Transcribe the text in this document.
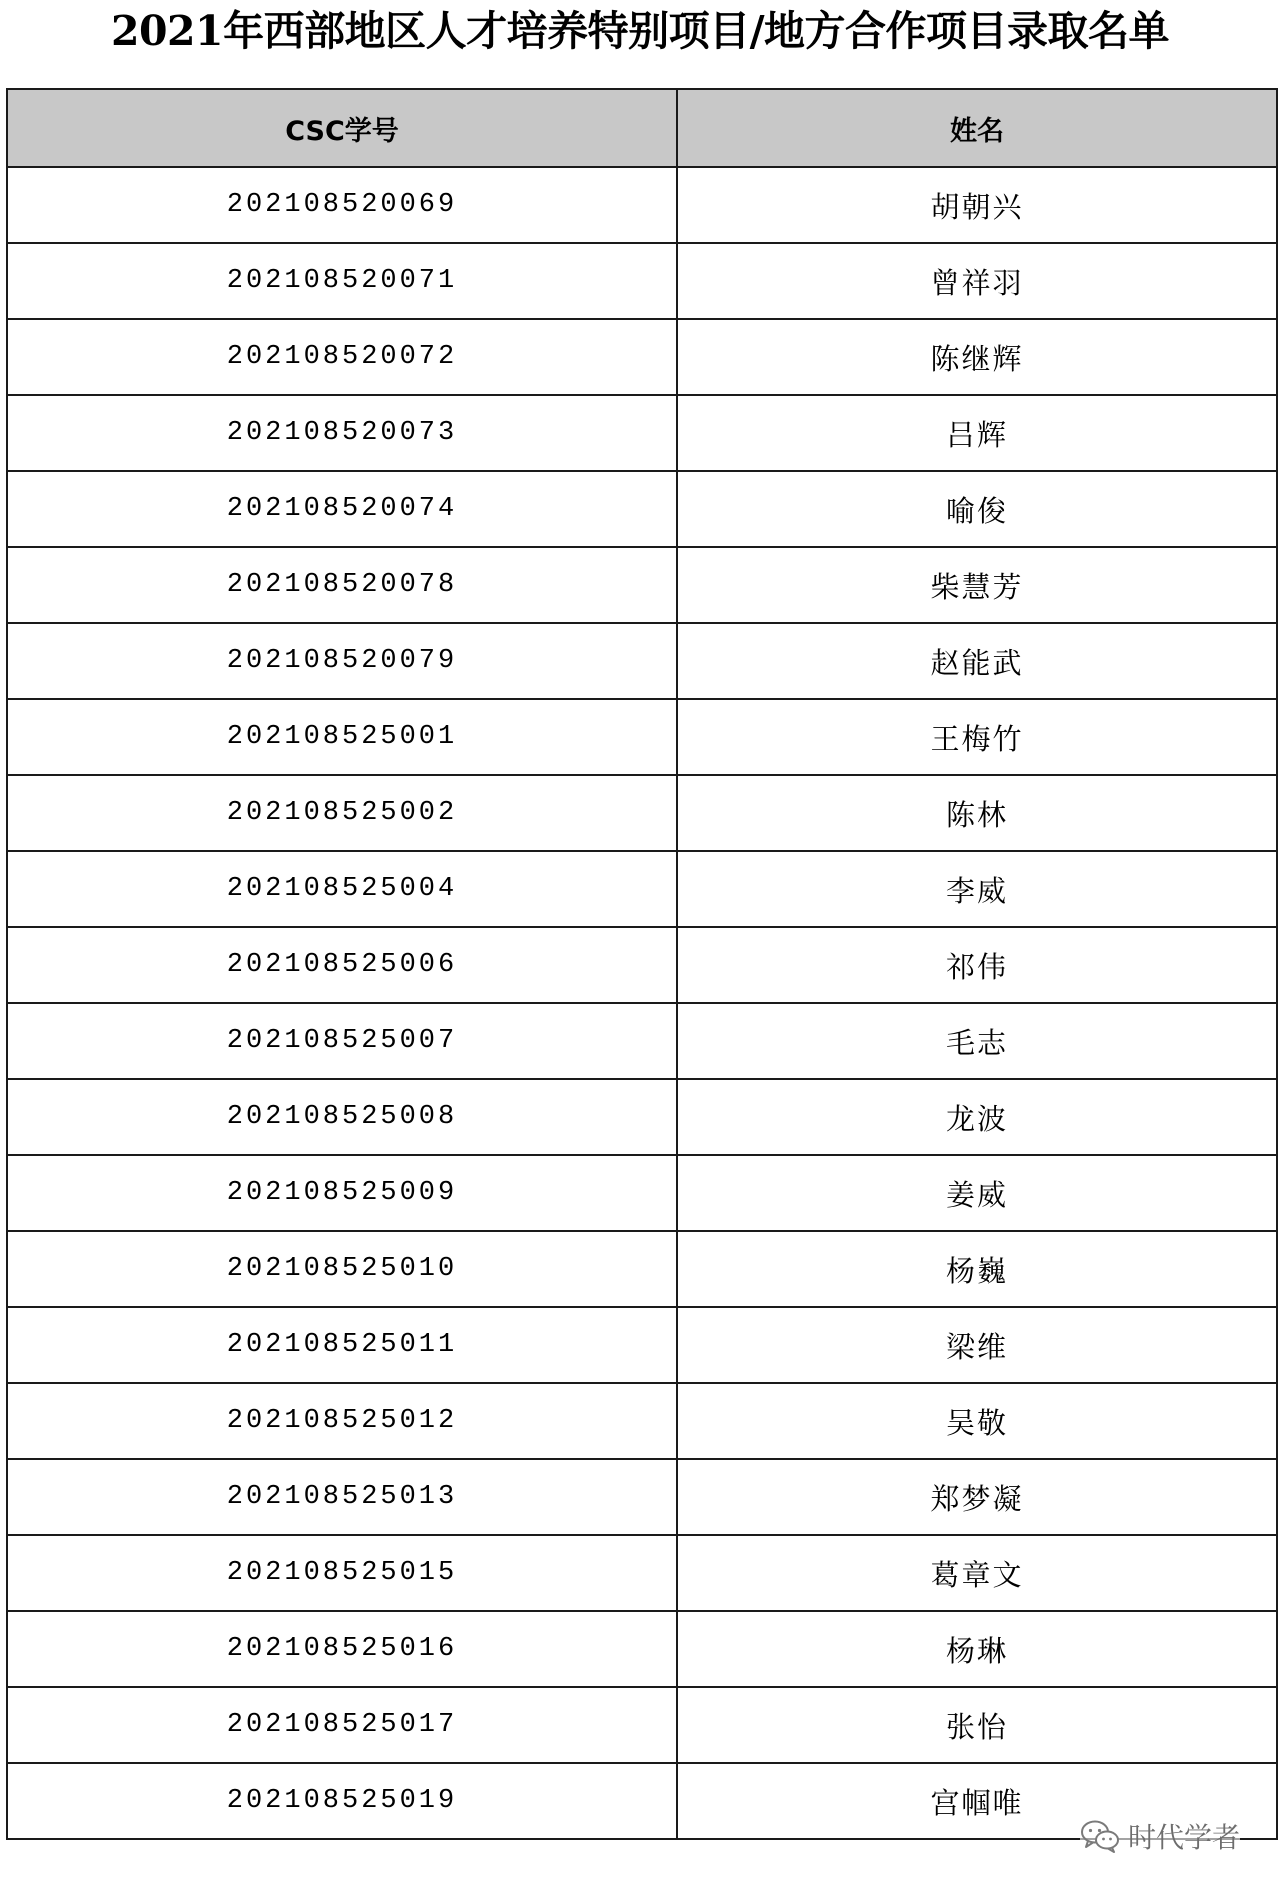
2021年西部地区人才培养特别项目/地方合作项目录取名单
CSC学号	姓名
202108520069	胡朝兴
202108520071	曾祥羽
202108520072	陈继辉
202108520073	吕辉
202108520074	喻俊
202108520078	柴慧芳
202108520079	赵能武
202108525001	王梅竹
202108525002	陈林
202108525004	李威
202108525006	祁伟
202108525007	毛志
202108525008	龙波
202108525009	姜威
202108525010	杨巍
202108525011	梁维
202108525012	吴敬
202108525013	郑梦凝
202108525015	葛章文
202108525016	杨琳
202108525017	张怡
202108525019	宫帼唯
时代学者
